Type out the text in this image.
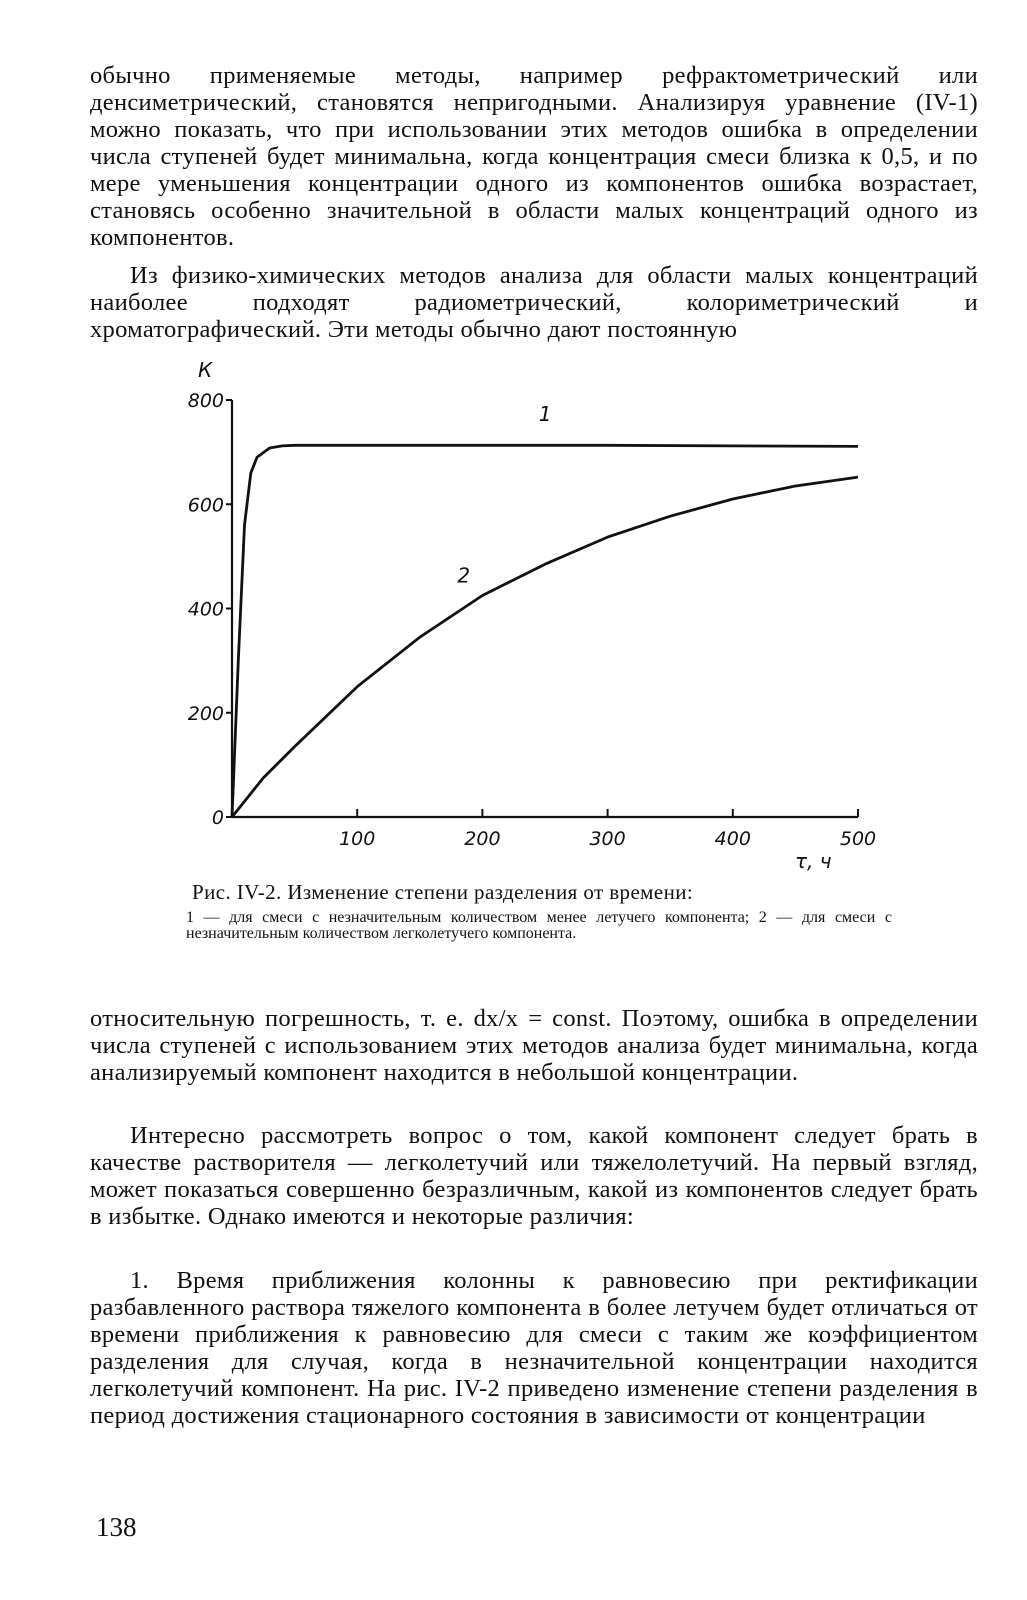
обычно применяемые методы, например рефрактометрический или денсиметрический, становятся непригодными. Анализируя уравнение (IV-1) можно показать, что при использовании этих методов ошибка в определении числа ступеней будет минимальна, когда концентрация смеси близка к 0,5, и по мере уменьшения концентрации одного из компонентов ошибка возрастает, становясь особенно значительной в области малых концентраций одного из компонентов.

Из физико-химических методов анализа для области малых концентраций наиболее подходят радиометрический, колориметрический и хроматографический. Эти методы обычно дают постоянную

0
200
400
600
800
100	200	300	400	500
1
2
К
τ, ч

Рис. IV-2. Изменение степени разделения от времени:

1 — для смеси с незначительным количеством менее летучего компонента; 2 — для смеси с незначительным количеством легколетучего компонента.

относительную погрешность, т. е. dx/x = const. Поэтому, ошибка в определении числа ступеней с использованием этих методов анализа будет минимальна, когда анализируемый компонент находится в небольшой концентрации.

Интересно рассмотреть вопрос о том, какой компонент следует брать в качестве растворителя — легколетучий или тяжелолетучий. На первый взгляд, может показаться совершенно безразличным, какой из компонентов следует брать в избытке. Однако имеются и некоторые различия:

1. Время приближения колонны к равновесию при ректификации разбавленного раствора тяжелого компонента в более летучем будет отличаться от времени приближения к равновесию для смеси с таким же коэффициентом разделения для случая, когда в незначительной концентрации находится легколетучий компонент. На рис. IV-2 приведено изменение степени разделения в период достижения стационарного состояния в зависимости от концентрации

138
